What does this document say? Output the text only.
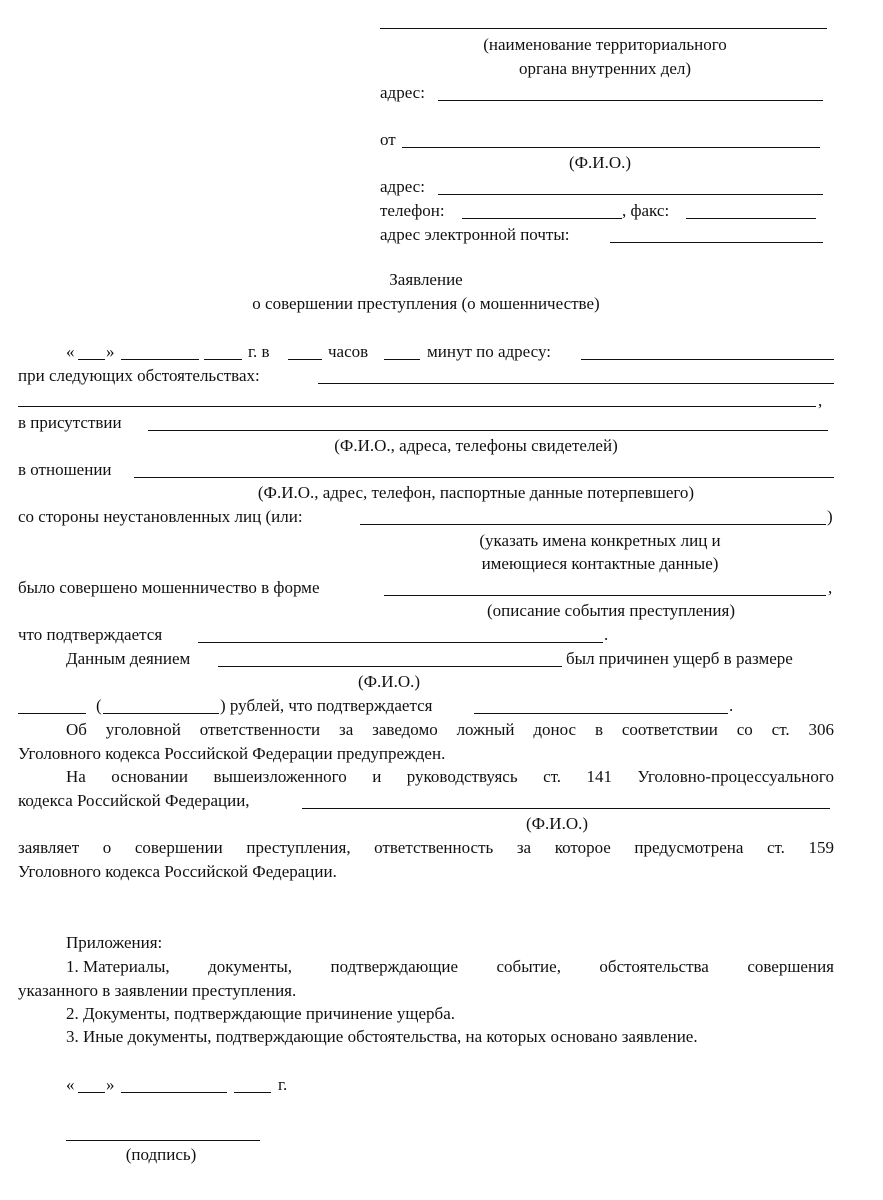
(наименование территориального
органа внутренних дел)
адрес:
от
(Ф.И.О.)
адрес:
телефон:	, факс:
адрес электронной почты:
Заявление
о совершении преступления (о мошенничестве)
« »	г. в	часов	минут по адресу:
при следующих обстоятельствах:
,
в присутствии
(Ф.И.О., адреса, телефоны свидетелей)
в отношении
(Ф.И.О., адрес, телефон, паспортные данные потерпевшего)
со стороны неустановленных лиц (или:	)
(указать имена конкретных лиц и
имеющиеся контактные данные)
было совершено мошенничество в форме	,
(описание события преступления)
что подтверждается	.
Данным деянием	был причинен ущерб в размере
(Ф.И.О.)
(	) рублей, что подтверждается	.
Об уголовной ответственности за заведомо ложный донос в соответствии со ст. 306
Уголовного кодекса Российской Федерации предупрежден.
На основании вышеизложенного и руководствуясь ст. 141 Уголовно-процессуального
кодекса Российской Федерации,
(Ф.И.О.)
заявляет о совершении преступления, ответственность за которое предусмотрена ст. 159
Уголовного кодекса Российской Федерации.
Приложения:
1. Материалы, документы, подтверждающие событие, обстоятельства совершения
указанного в заявлении преступления.
2. Документы, подтверждающие причинение ущерба.
3. Иные документы, подтверждающие обстоятельства, на которых основано заявление.
« »	г.
(подпись)
